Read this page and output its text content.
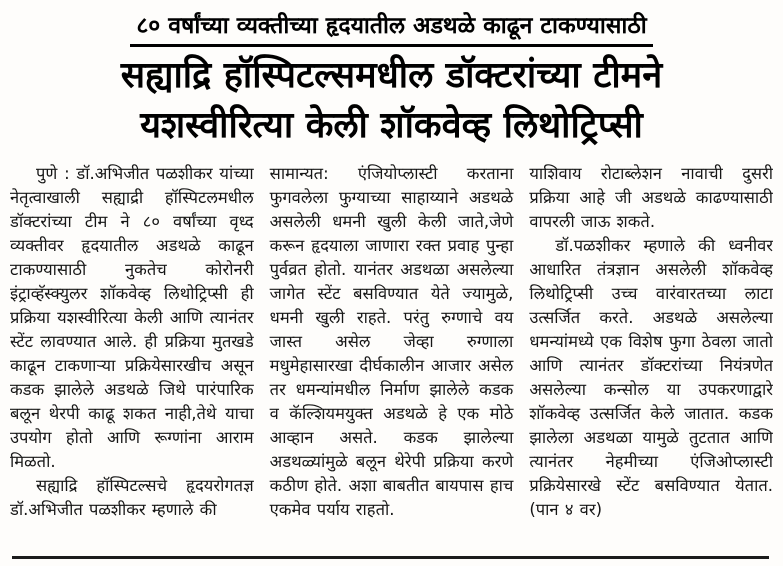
८० वर्षांच्या व्यक्तीच्या हृदयातील अडथळे काढून टाकण्यासाठी
सह्याद्रि हॉस्पिटल्समधील डॉक्टरांच्या टीमने
यशस्वीरित्या केली शॉकवेव्ह लिथोट्रिप्सी

पुणे : डॉ.अभिजीत पळशीकर यांच्या नेतृत्वाखाली सह्याद्री हॉस्पिटलमधील डॉक्टरांच्या टीम ने ८० वर्षांच्या वृध्द व्यक्तीवर हृदयातील अडथळे काढून टाकण्यासाठी नुकतेच कोरोनरी इंट्राव्हॅस्क्युलर शॉकवेव्ह लिथोट्रिप्सी ही प्रक्रिया यशस्वीरित्या केली आणि त्यानंतर स्टेंट लावण्यात आले. ही प्रक्रिया मुतखडे काढून टाकणाऱ्या प्रक्रियेसारखीच असून कडक झालेले अडथळे जिथे पारंपारिक बलून थेरपी काढू शकत नाही,तेथे याचा उपयोग होतो आणि रूग्णांना आराम मिळतो.

सह्याद्रि हॉस्पिटल्सचे हृदयरोगतज्ञ डॉ.अभिजीत पळशीकर म्हणाले की

सामान्यत: एंजियोप्लास्टी करताना फुगवलेला फुग्याच्या साहाय्याने अडथळे असलेली धमनी खुली केली जाते,जेणे करून हृदयाला जाणारा रक्त प्रवाह पुन्हा पुर्वव्रत होतो. यानंतर अडथळा असलेल्या जागेत स्टेंट बसविण्यात येते ज्यामुळे, धमनी खुली राहते. परंतु रुग्णाचे वय जास्त असेल जेव्हा रुग्णाला मधुमेहासारखा दीर्घकालीन आजार असेल तर धमन्यांमधील निर्माण झालेले कडक व कॅल्शियमयुक्त अडथळे हे एक मोठे आव्हान असते. कडक झालेल्या अडथळ्यांमुळे बलून थेरेपी प्रक्रिया करणे कठीण होते. अशा बाबतीत बायपास हाच एकमेव पर्याय राहतो.

याशिवाय रोटाब्लेशन नावाची दुसरी प्रक्रिया आहे जी अडथळे काढण्यासाठी वापरली जाऊ शकते.

डॉ.पळशीकर म्हणाले की ध्वनीवर आधारित तंत्रज्ञान असलेली शॉकवेव्ह लिथोट्रिप्सी उच्च वारंवारतच्या लाटा उत्सर्जित करते. अडथळे असलेल्या धमन्यांमध्ये एक विशेष फुगा ठेवला जातो आणि त्यानंतर डॉक्टरांच्या नियंत्रणेत असलेल्या कन्सोल या उपकरणाद्वारे शॉकवेव्ह उत्सर्जित केले जातात. कडक झालेला अडथळा यामुळे तुटतात आणि त्यानंतर नेहमीच्या एंजिओप्लास्टी प्रक्रियेसारखे स्टेंट बसविण्यात येतात. (पान ४ वर)
